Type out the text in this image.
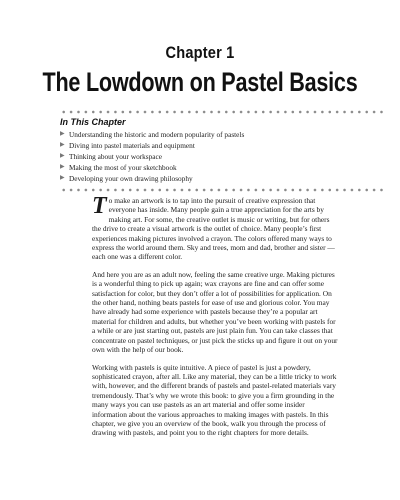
Chapter 1
The Lowdown on Pastel Basics
In This Chapter
▶ Understanding the historic and modern popularity of pastels
▶ Diving into pastel materials and equipment
▶ Thinking about your workspace
▶ Making the most of your sketchbook
▶ Developing your own drawing philosophy

To make an artwork is to tap into the pursuit of creative expression that everyone has inside. Many people gain a true appreciation for the arts by making art. For some, the creative outlet is music or writing, but for others the drive to create a visual artwork is the outlet of choice. Many people’s first experiences making pictures involved a crayon. The colors offered many ways to express the world around them. Sky and trees, mom and dad, brother and sister — each one was a different color.

And here you are as an adult now, feeling the same creative urge. Making pictures is a wonderful thing to pick up again; wax crayons are fine and can offer some satisfaction for color, but they don’t offer a lot of possibilities for application. On the other hand, nothing beats pastels for ease of use and glorious color. You may have already had some experience with pastels because they’re a popular art material for children and adults, but whether you’ve been working with pastels for a while or are just starting out, pastels are just plain fun. You can take classes that concentrate on pastel techniques, or just pick the sticks up and figure it out on your own with the help of our book.

Working with pastels is quite intuitive. A piece of pastel is just a powdery, sophisticated crayon, after all. Like any material, they can be a little tricky to work with, however, and the different brands of pastels and pastel-related materials vary tremendously. That’s why we wrote this book: to give you a firm grounding in the many ways you can use pastels as an art material and offer some insider information about the various approaches to making images with pastels. In this chapter, we give you an overview of the book, walk you through the process of drawing with pastels, and point you to the right chapters for more details.
